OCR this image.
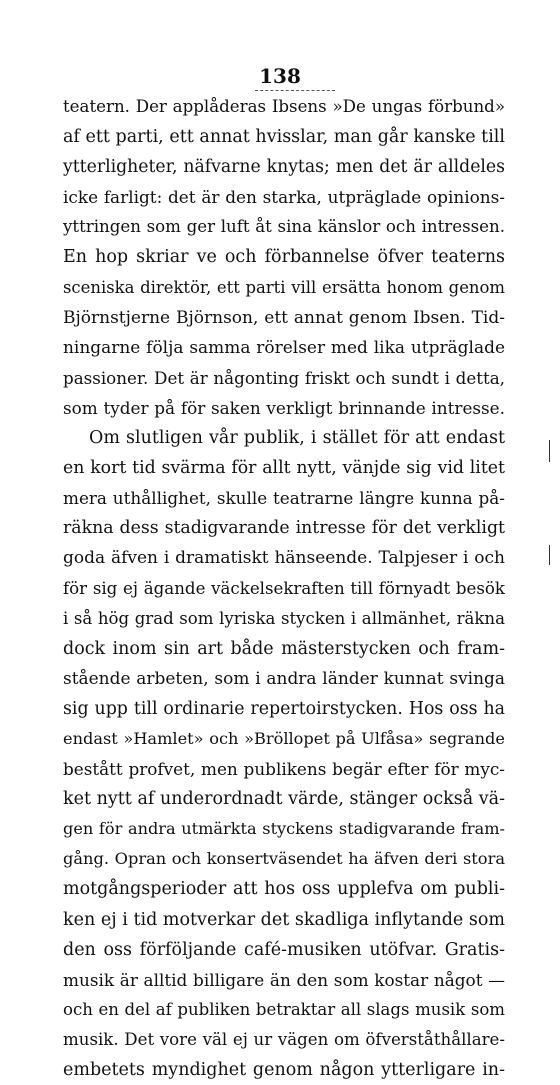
138
teatern. Der applåderas Ibsens »De ungas förbund»
af ett parti, ett annat hvisslar, man går kanske till
ytterligheter, näfvarne knytas; men det är alldeles
icke farligt: det är den starka, utpräglade opinions-
yttringen som ger luft åt sina känslor och intressen.
En hop skriar ve och förbannelse öfver teaterns
sceniska direktör, ett parti vill ersätta honom genom
Björnstjerne Björnson, ett annat genom Ibsen. Tid-
ningarne följa samma rörelser med lika utpräglade
passioner. Det är någonting friskt och sundt i detta,
som tyder på för saken verkligt brinnande intresse.
Om slutligen vår publik, i stället för att endast
en kort tid svärma för allt nytt, vänjde sig vid litet
mera uthållighet, skulle teatrarne längre kunna på-
räkna dess stadigvarande intresse för det verkligt
goda äfven i dramatiskt hänseende. Talpjeser i och
för sig ej ägande väckelsekraften till förnyadt besök
i så hög grad som lyriska stycken i allmänhet, räkna
dock inom sin art både mästerstycken och fram-
stående arbeten, som i andra länder kunnat svinga
sig upp till ordinarie repertoirstycken. Hos oss ha
endast »Hamlet» och »Bröllopet på Ulfåsa» segrande
bestått profvet, men publikens begär efter för myc-
ket nytt af underordnadt värde, stänger också vä-
gen för andra utmärkta styckens stadigvarande fram-
gång. Opran och konsertväsendet ha äfven deri stora
motgångsperioder att hos oss upplefva om publi-
ken ej i tid motverkar det skadliga inflytande som
den oss förföljande café-musiken utöfvar. Gratis-
musik är alltid billigare än den som kostar något —
och en del af publiken betraktar all slags musik som
musik. Det vore väl ej ur vägen om öfverståthållare-
embetets myndighet genom någon ytterligare in-
